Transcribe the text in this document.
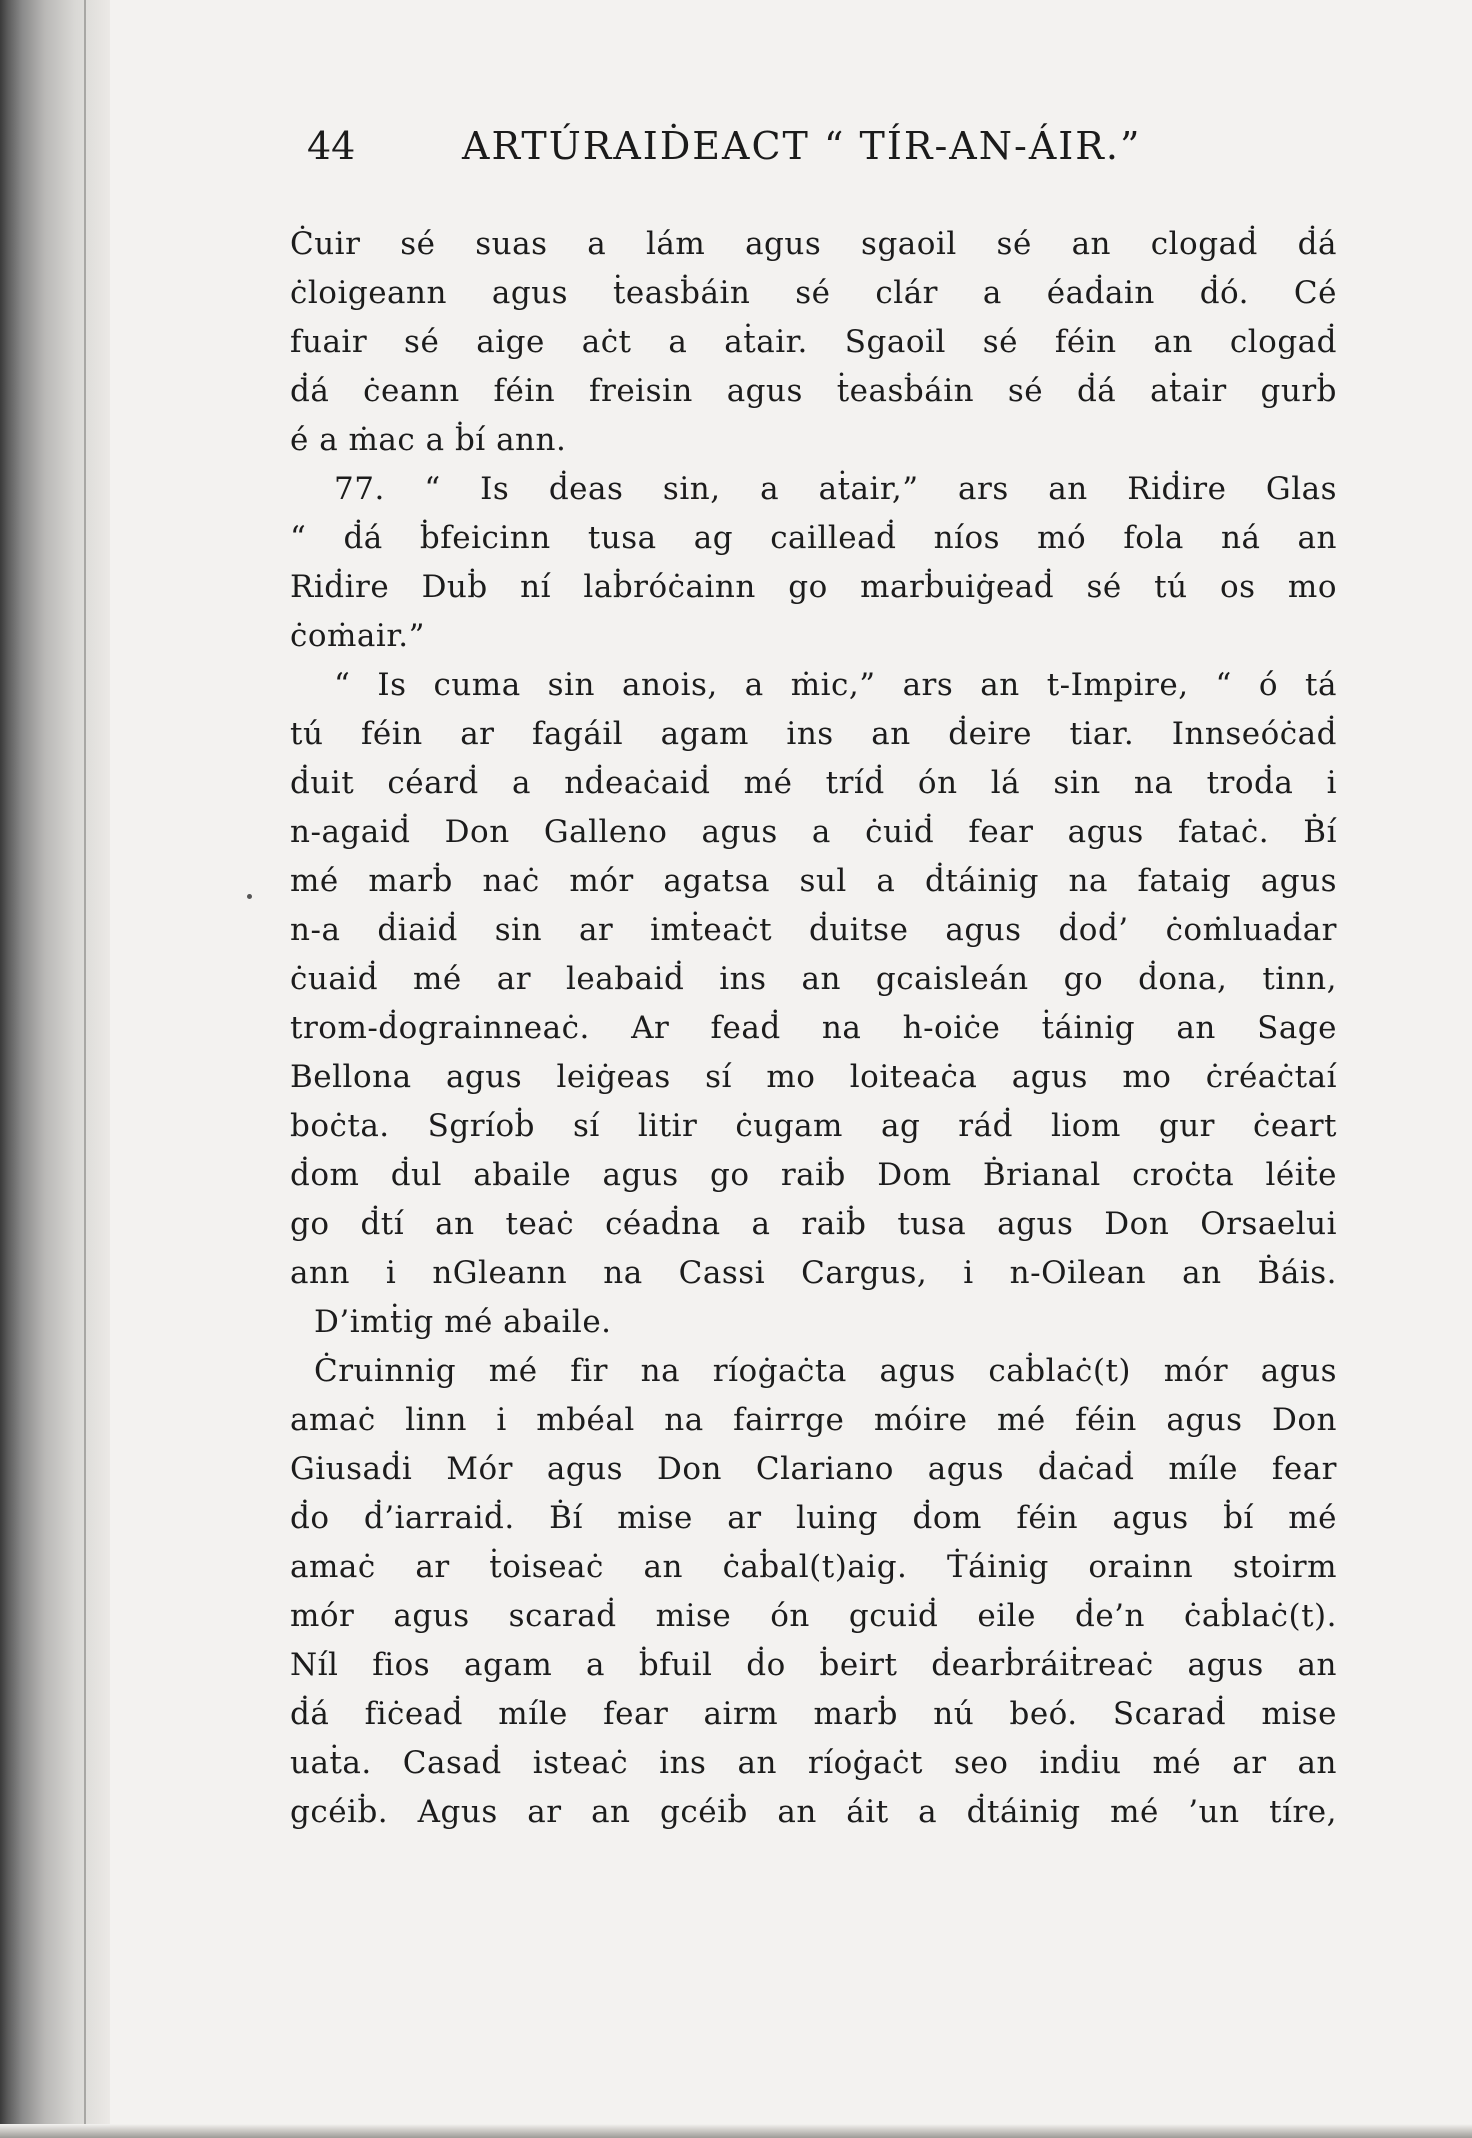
44	ARTÚRAIḊEACT “ TÍR-AN-ÁIR.”
Ċuir sé suas a lám agus sgaoil sé an clogaḋ ḋá
ċloigeann agus ṫeasḃáin sé clár a éaḋain ḋó. Cé
fuair sé aige aċt a aṫair. Sgaoil sé féin an clogaḋ
ḋá ċeann féin freisin agus ṫeasḃáin sé ḋá aṫair gurḃ
é a ṁac a ḃí ann.
77. “ Is ḋeas sin, a aṫair,” ars an Riḋire Glas
“ ḋá ḃfeicinn tusa ag cailleaḋ níos mó fola ná an
Riḋire Duḃ ní laḃróċainn go marḃuiġeaḋ sé tú os mo
ċoṁair.”
“ Is cuma sin anois, a ṁic,” ars an t-Impire, “ ó tá
tú féin ar fagáil agam ins an ḋeire tiar. Innseóċaḋ
ḋuit céarḋ a nḋeaċaiḋ mé tríḋ ón lá sin na troḋa i
n-agaiḋ Don Galleno agus a ċuiḋ fear agus fataċ. Ḃí
mé marḃ naċ mór agatsa sul a ḋtáinig na fataig agus
n-a ḋiaiḋ sin ar imṫeaċt ḋuitse agus ḋoḋ’ ċoṁluaḋar
ċuaiḋ mé ar leabaiḋ ins an gcaisleán go ḋona, tinn,
trom-ḋograinneaċ. Ar feaḋ na h-oiċe ṫáinig an Sage
Bellona agus leiġeas sí mo loiteaċa agus mo ċréaċtaí
boċta. Sgríoḃ sí litir ċugam ag ráḋ liom gur ċeart
ḋom ḋul abaile agus go raiḃ Dom Ḃrianal croċta léiṫe
go ḋtí an teaċ céaḋna a raiḃ tusa agus Don Orsaelui
ann i nGleann na Cassi Cargus, i n-Oilean an Ḃáis.
D’imṫig mé abaile.
Ċruinnig mé fir na ríoġaċta agus caḃlaċ(t) mór agus
amaċ linn i mbéal na fairrge móire mé féin agus Don
Giusaḋi Mór agus Don Clariano agus ḋaċaḋ míle fear
ḋo ḋ’iarraiḋ. Ḃí mise ar luing ḋom féin agus ḃí mé
amaċ ar ṫoiseaċ an ċaḃal(t)aig. Ṫáinig orainn stoirm
mór agus scaraḋ mise ón gcuiḋ eile ḋe’n ċaḃlaċ(t).
Níl fios agam a ḃfuil ḋo ḃeirt ḋearḃráiṫreaċ agus an
ḋá fiċeaḋ míle fear airm marḃ nú beó. Scaraḋ mise
uaṫa. Casaḋ isteaċ ins an ríoġaċt seo inḋiu mé ar an
gcéiḃ. Agus ar an gcéiḃ an áit a ḋtáinig mé ’un tíre,
